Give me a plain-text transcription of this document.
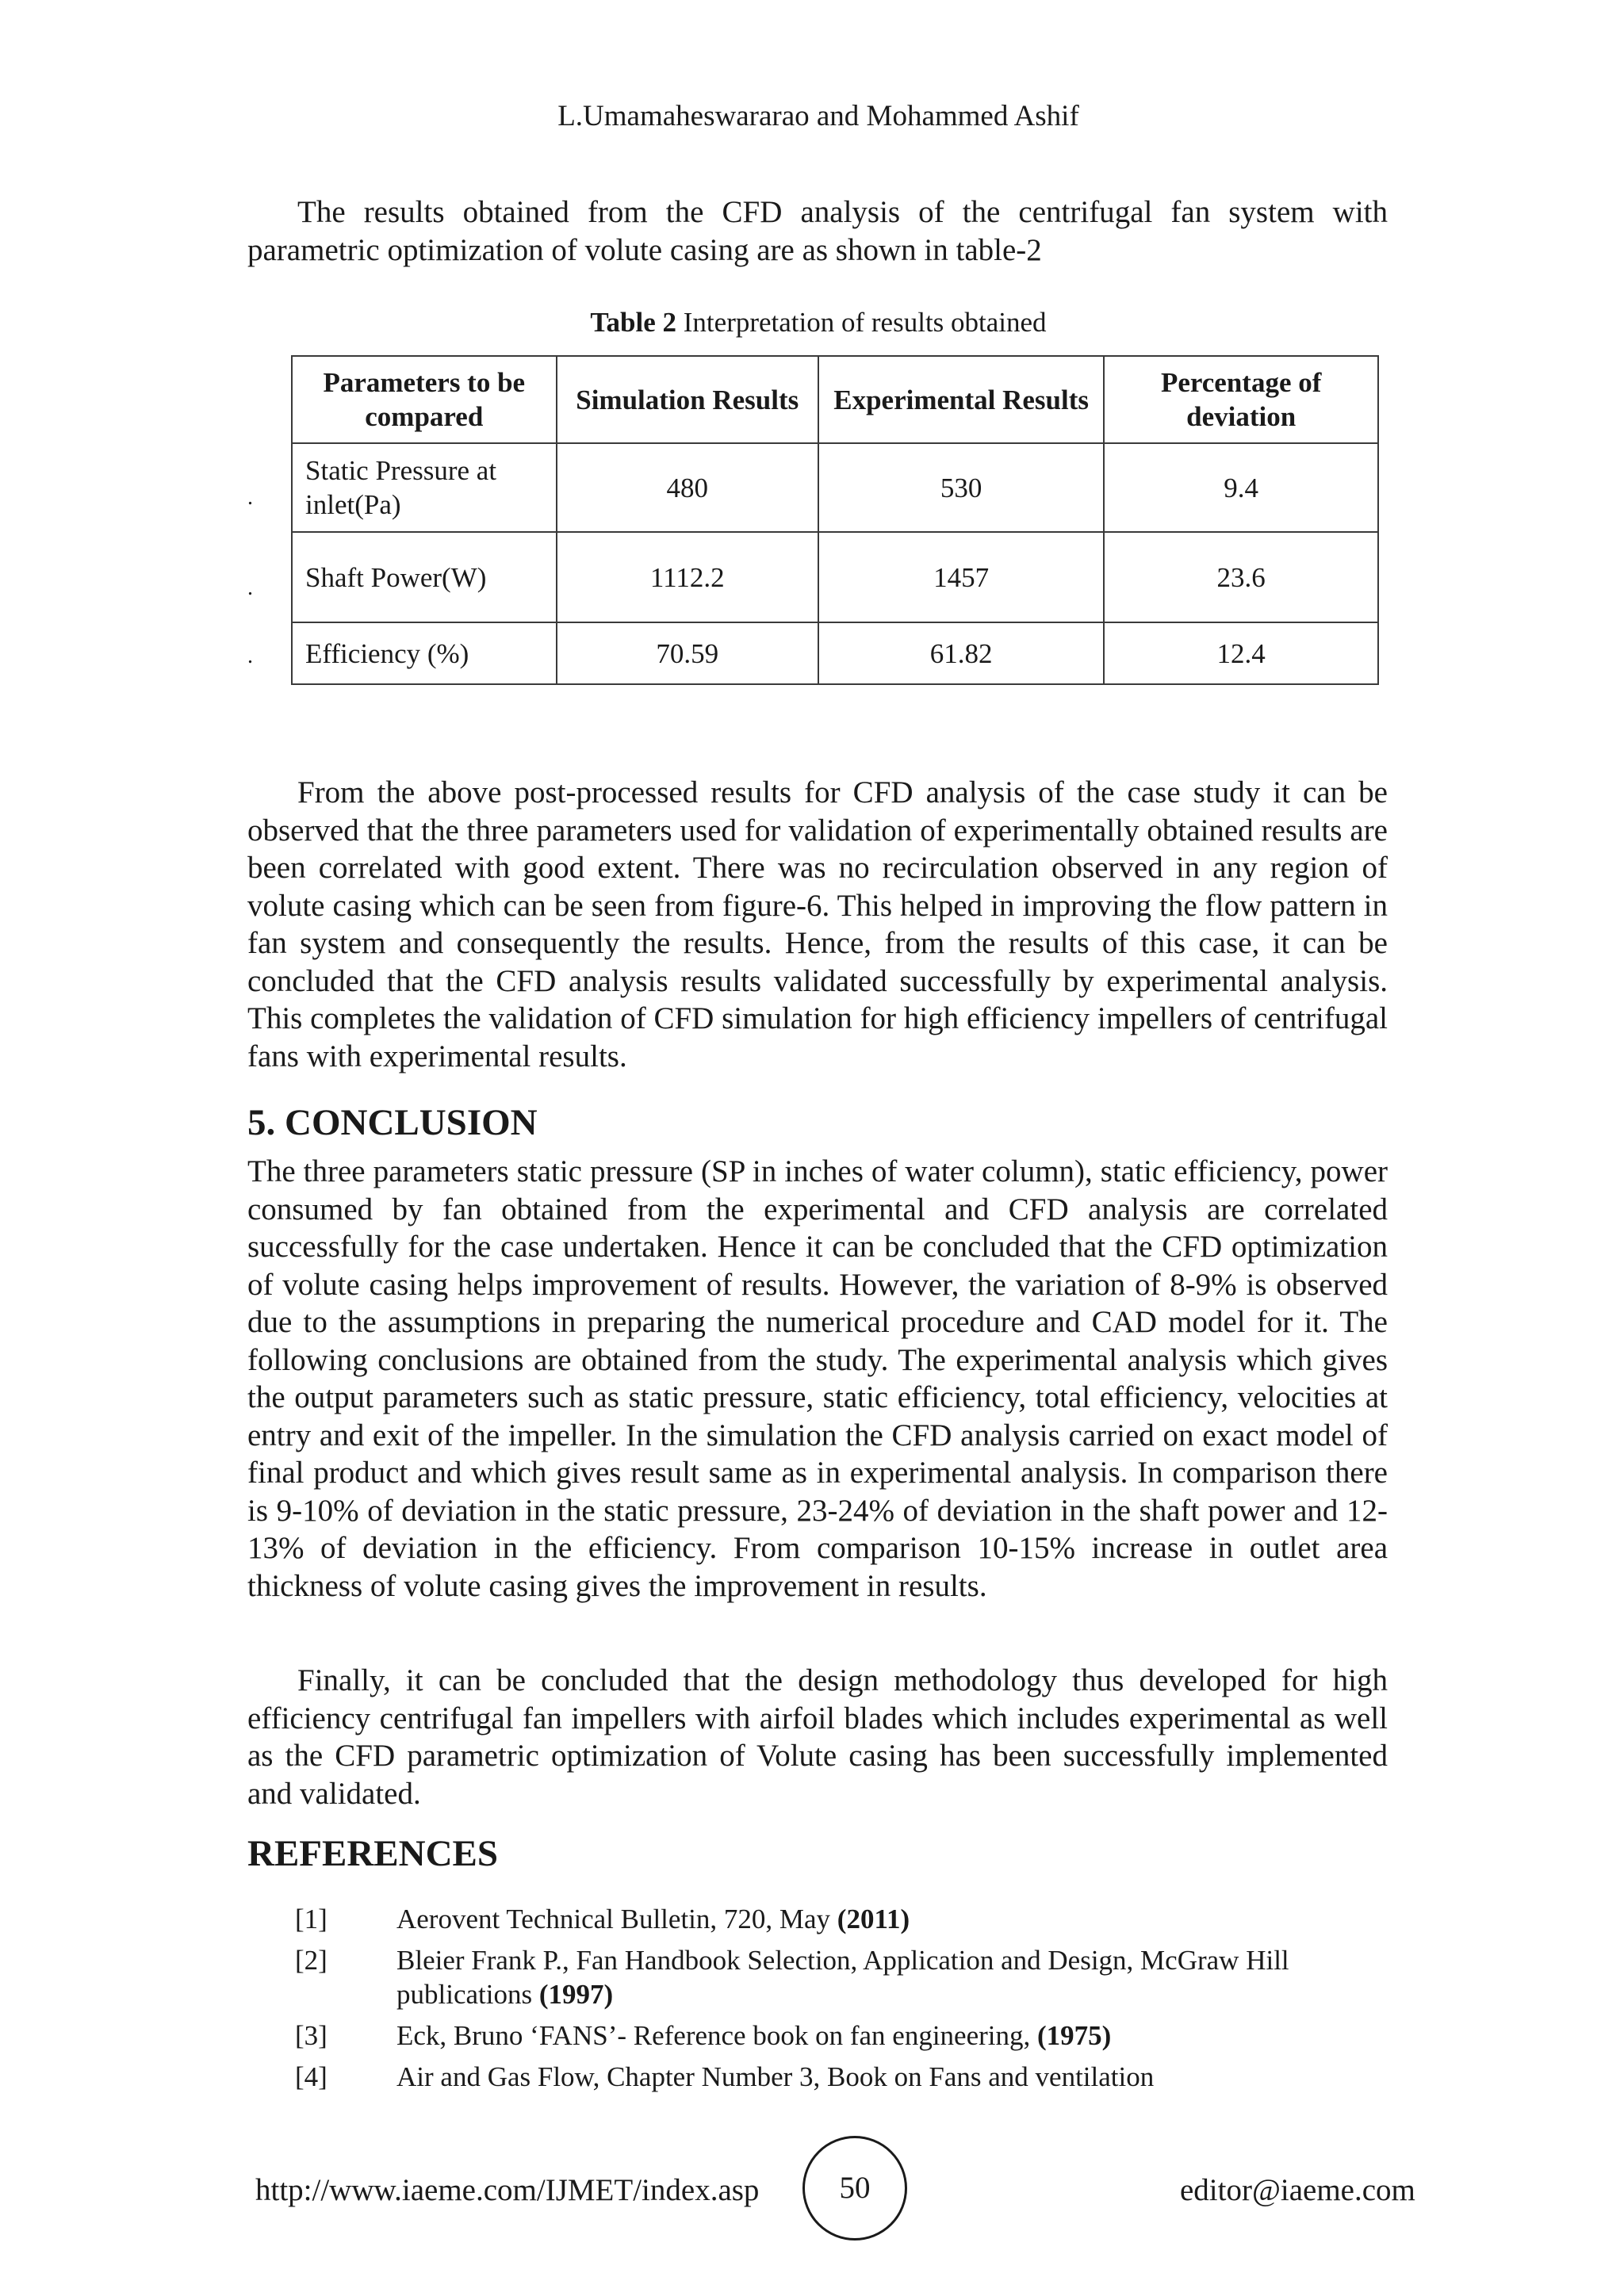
L.Umamaheswararao and Mohammed Ashif

The results obtained from the CFD analysis of the centrifugal fan system with parametric optimization of volute casing are as shown in table-2

Table 2 Interpretation of results obtained
Parameters to be compared	Simulation Results	Experimental Results	Percentage of deviation
Static Pressure at inlet(Pa)	480	530	9.4
Shaft Power(W)	1112.2	1457	23.6
Efficiency (%)	70.59	61.82	12.4
.
.
.

From the above post-processed results for CFD analysis of the case study it can be observed that the three parameters used for validation of experimentally obtained results are been correlated with good extent. There was no recirculation observed in any region of volute casing which can be seen from figure-6. This helped in improving the flow pattern in fan system and consequently the results. Hence, from the results of this case, it can be concluded that the CFD analysis results validated successfully by experimental analysis. This completes the validation of CFD simulation for high efficiency impellers of centrifugal fans with experimental results.

5. CONCLUSION

The three parameters static pressure (SP in inches of water column), static efficiency, power consumed by fan obtained from the experimental and CFD analysis are correlated successfully for the case undertaken. Hence it can be concluded that the CFD optimization of volute casing helps improvement of results. However, the variation of 8-9% is observed due to the assumptions in preparing the numerical procedure and CAD model for it. The following conclusions are obtained from the study. The experimental analysis which gives the output parameters such as static pressure, static efficiency, total efficiency, velocities at entry and exit of the impeller. In the simulation the CFD analysis carried on exact model of final product and which gives result same as in experimental analysis. In comparison there is 9-10% of deviation in the static pressure, 23-24% of deviation in the shaft power and 12-13% of deviation in the efficiency. From comparison 10-15% increase in outlet area thickness of volute casing gives the improvement in results.

Finally, it can be concluded that the design methodology thus developed for high efficiency centrifugal fan impellers with airfoil blades which includes experimental as well as the CFD parametric optimization of Volute casing has been successfully implemented and validated.

REFERENCES
[1] Aerovent Technical Bulletin, 720, May (2011)
[2] Bleier Frank P., Fan Handbook Selection, Application and Design, McGraw Hill publications (1997)
[3] Eck, Bruno ‘FANS’- Reference book on fan engineering, (1975)
[4] Air and Gas Flow, Chapter Number 3, Book on Fans and ventilation
http://www.iaeme.com/IJMET/index.asp	50	editor@iaeme.com
